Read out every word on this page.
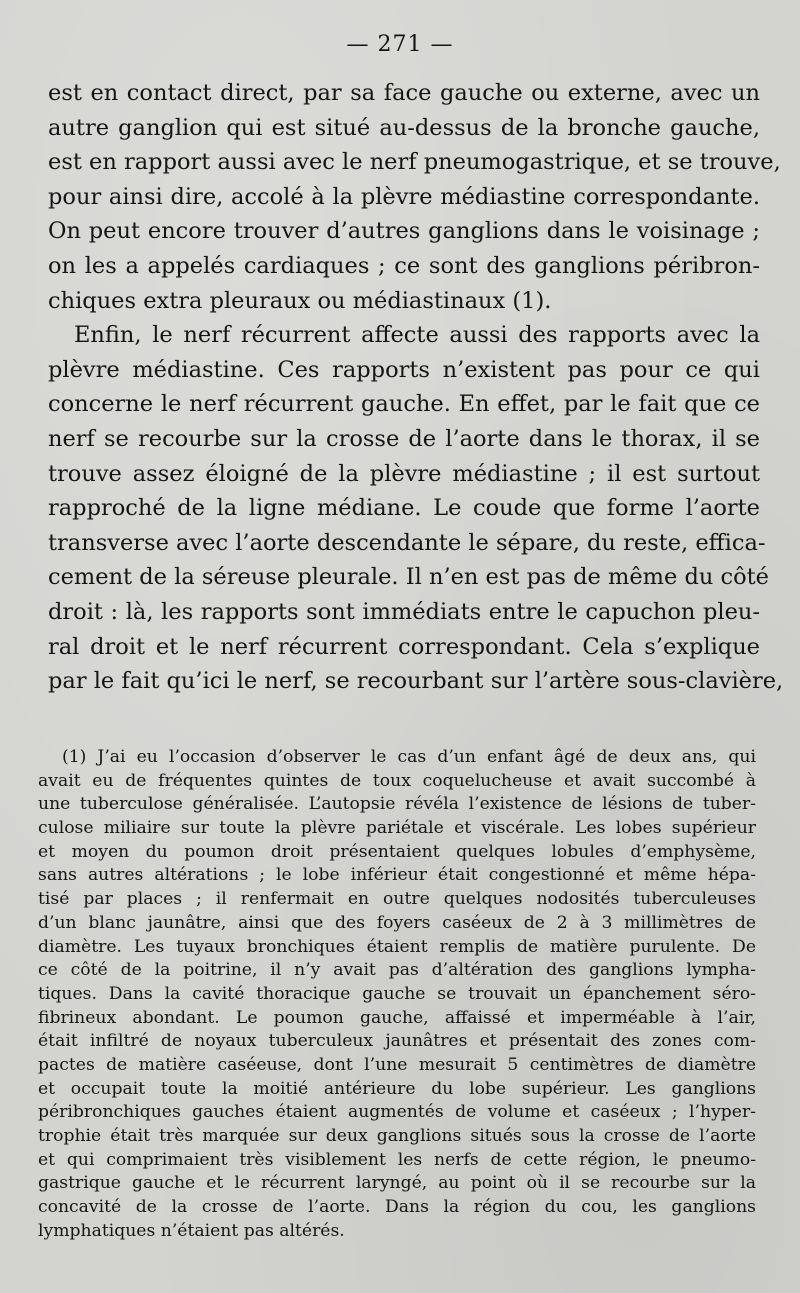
— 271 —
est en contact direct, par sa face gauche ou externe, avec un
autre ganglion qui est situé au-dessus de la bronche gauche,
est en rapport aussi avec le nerf pneumogastrique, et se trouve,
pour ainsi dire, accolé à la plèvre médiastine correspondante.
On peut encore trouver d’autres ganglions dans le voisinage ;
on les a appelés cardiaques ; ce sont des ganglions péribron-
chiques extra pleuraux ou médiastinaux (1).
Enfin, le nerf récurrent affecte aussi des rapports avec la
plèvre médiastine. Ces rapports n’existent pas pour ce qui
concerne le nerf récurrent gauche. En effet, par le fait que ce
nerf se recourbe sur la crosse de l’aorte dans le thorax, il se
trouve assez éloigné de la plèvre médiastine ; il est surtout
rapproché de la ligne médiane. Le coude que forme l’aorte
transverse avec l’aorte descendante le sépare, du reste, effica-
cement de la séreuse pleurale. Il n’en est pas de même du côté
droit : là, les rapports sont immédiats entre le capuchon pleu-
ral droit et le nerf récurrent correspondant. Cela s’explique
par le fait qu’ici le nerf, se recourbant sur l’artère sous-clavière,
(1) J’ai eu l’occasion d’observer le cas d’un enfant âgé de deux ans, qui
avait eu de fréquentes quintes de toux coquelucheuse et avait succombé à
une tuberculose généralisée. L’autopsie révéla l’existence de lésions de tuber-
culose miliaire sur toute la plèvre pariétale et viscérale. Les lobes supérieur
et moyen du poumon droit présentaient quelques lobules d’emphysème,
sans autres altérations ; le lobe inférieur était congestionné et même hépa-
tisé par places ; il renfermait en outre quelques nodosités tuberculeuses
d’un blanc jaunâtre, ainsi que des foyers caséeux de 2 à 3 millimètres de
diamètre. Les tuyaux bronchiques étaient remplis de matière purulente. De
ce côté de la poitrine, il n’y avait pas d’altération des ganglions lympha-
tiques. Dans la cavité thoracique gauche se trouvait un épanchement séro-
fibrineux abondant. Le poumon gauche, affaissé et imperméable à l’air,
était infiltré de noyaux tuberculeux jaunâtres et présentait des zones com-
pactes de matière caséeuse, dont l’une mesurait 5 centimètres de diamètre
et occupait toute la moitié antérieure du lobe supérieur. Les ganglions
péribronchiques gauches étaient augmentés de volume et caséeux ; l’hyper-
trophie était très marquée sur deux ganglions situés sous la crosse de l’aorte
et qui comprimaient très visiblement les nerfs de cette région, le pneumo-
gastrique gauche et le récurrent laryngé, au point où il se recourbe sur la
concavité de la crosse de l’aorte. Dans la région du cou, les ganglions
lymphatiques n’étaient pas altérés.
